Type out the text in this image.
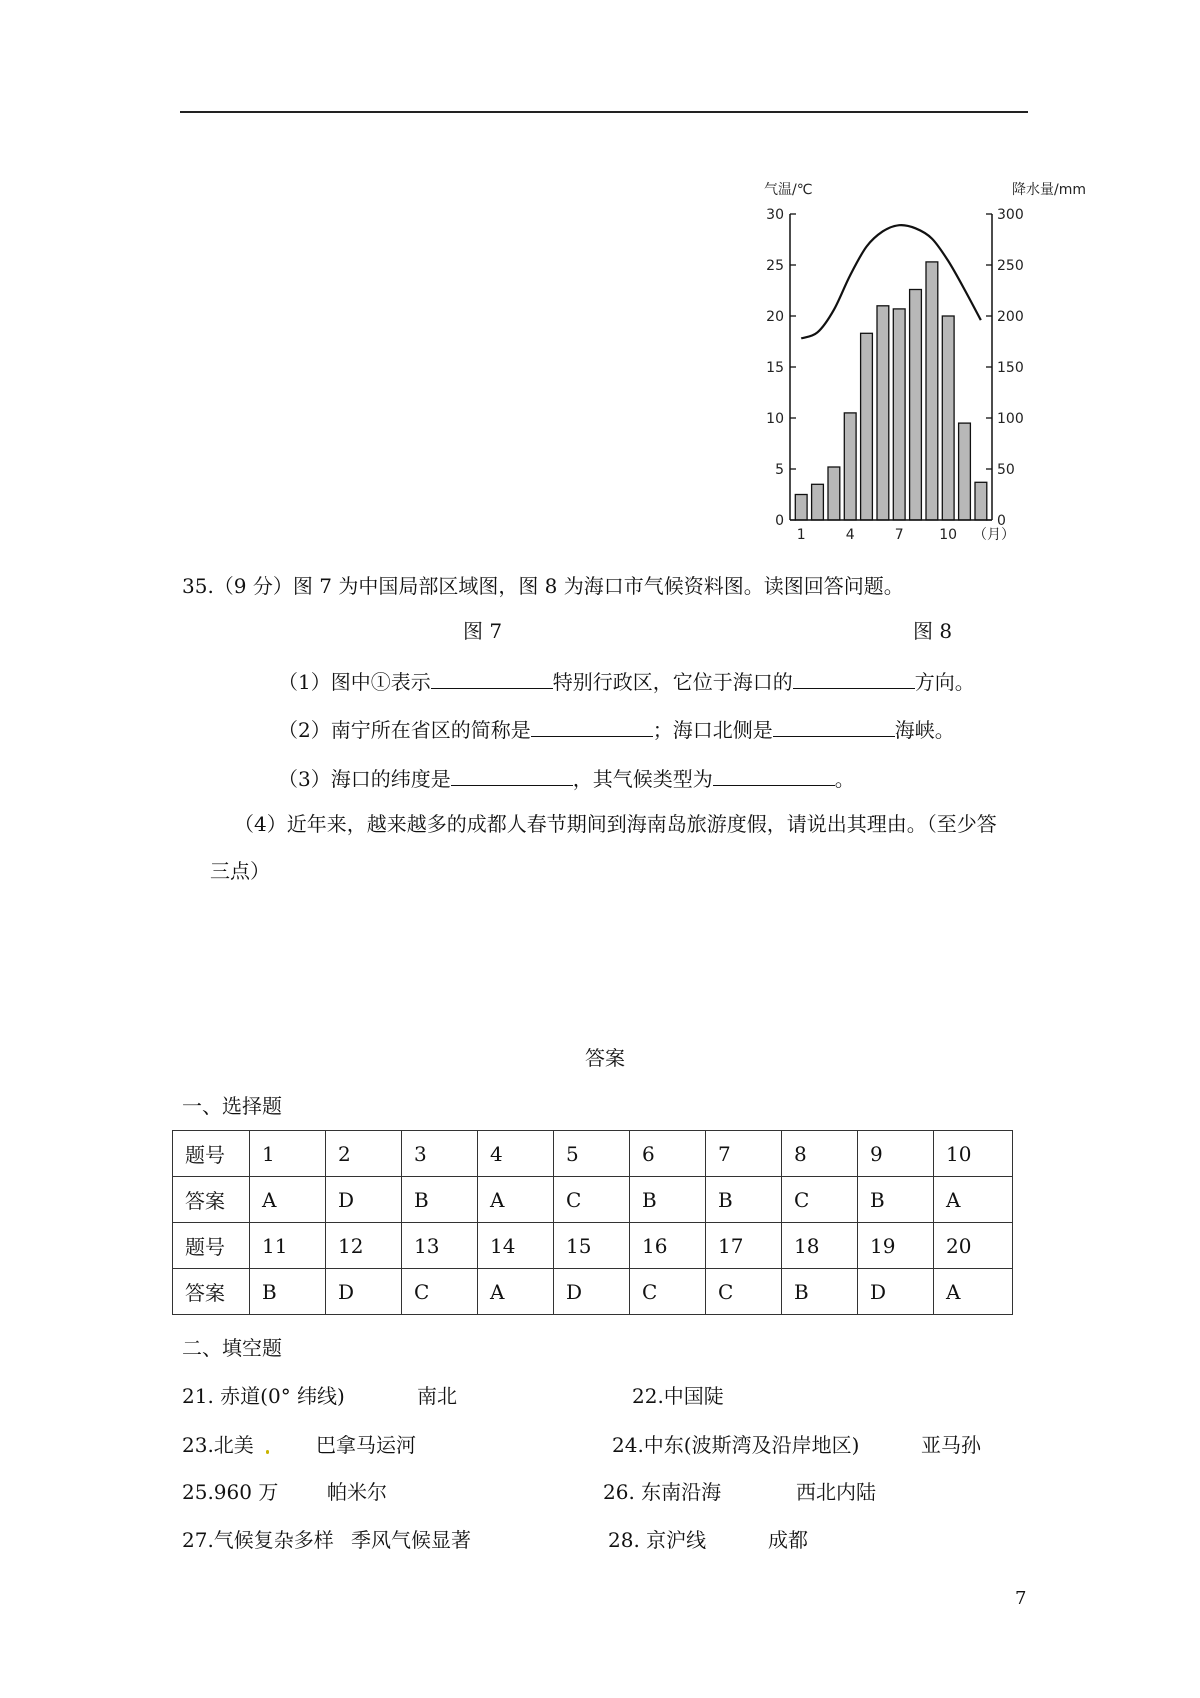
气温/℃	降水量/mm
0
5
10
15
20
25
30
0
50
100
150
200
250
300
1	4	7	10 （月）
35.（9 分）图 7 为中国局部区域图，图 8 为海口市气候资料图。读图回答问题。
图 7	图 8
（1）图中①表示	特别行政区，它位于海口的	方向。
（2）南宁所在省区的简称是	；海口北侧是	海峡。
（3）海口的纬度是	，其气候类型为	。
（4）近年来，越来越多的成都人春节期间到海南岛旅游度假，请说出其理由。（至少答
三点）
答案
一、选择题
题号	1	2	3	4	5	6	7	8	9	10
答案	A	D	B	A	C	B	B	C	B	A
题号	11	12	13	14	15	16	17	18	19	20
答案	B	D	C	A	D	C	C	B	D	A
二、填空题
21. 赤道(0° 纬线)	南北	22.中国陡
23.北美	巴拿马运河	24.中东(波斯湾及沿岸地区)	亚马孙
25.960 万 帕米尔	26. 东南沿海	西北内陆
27.气候复杂多样 季风气候显著	28. 京沪线	成都
7
